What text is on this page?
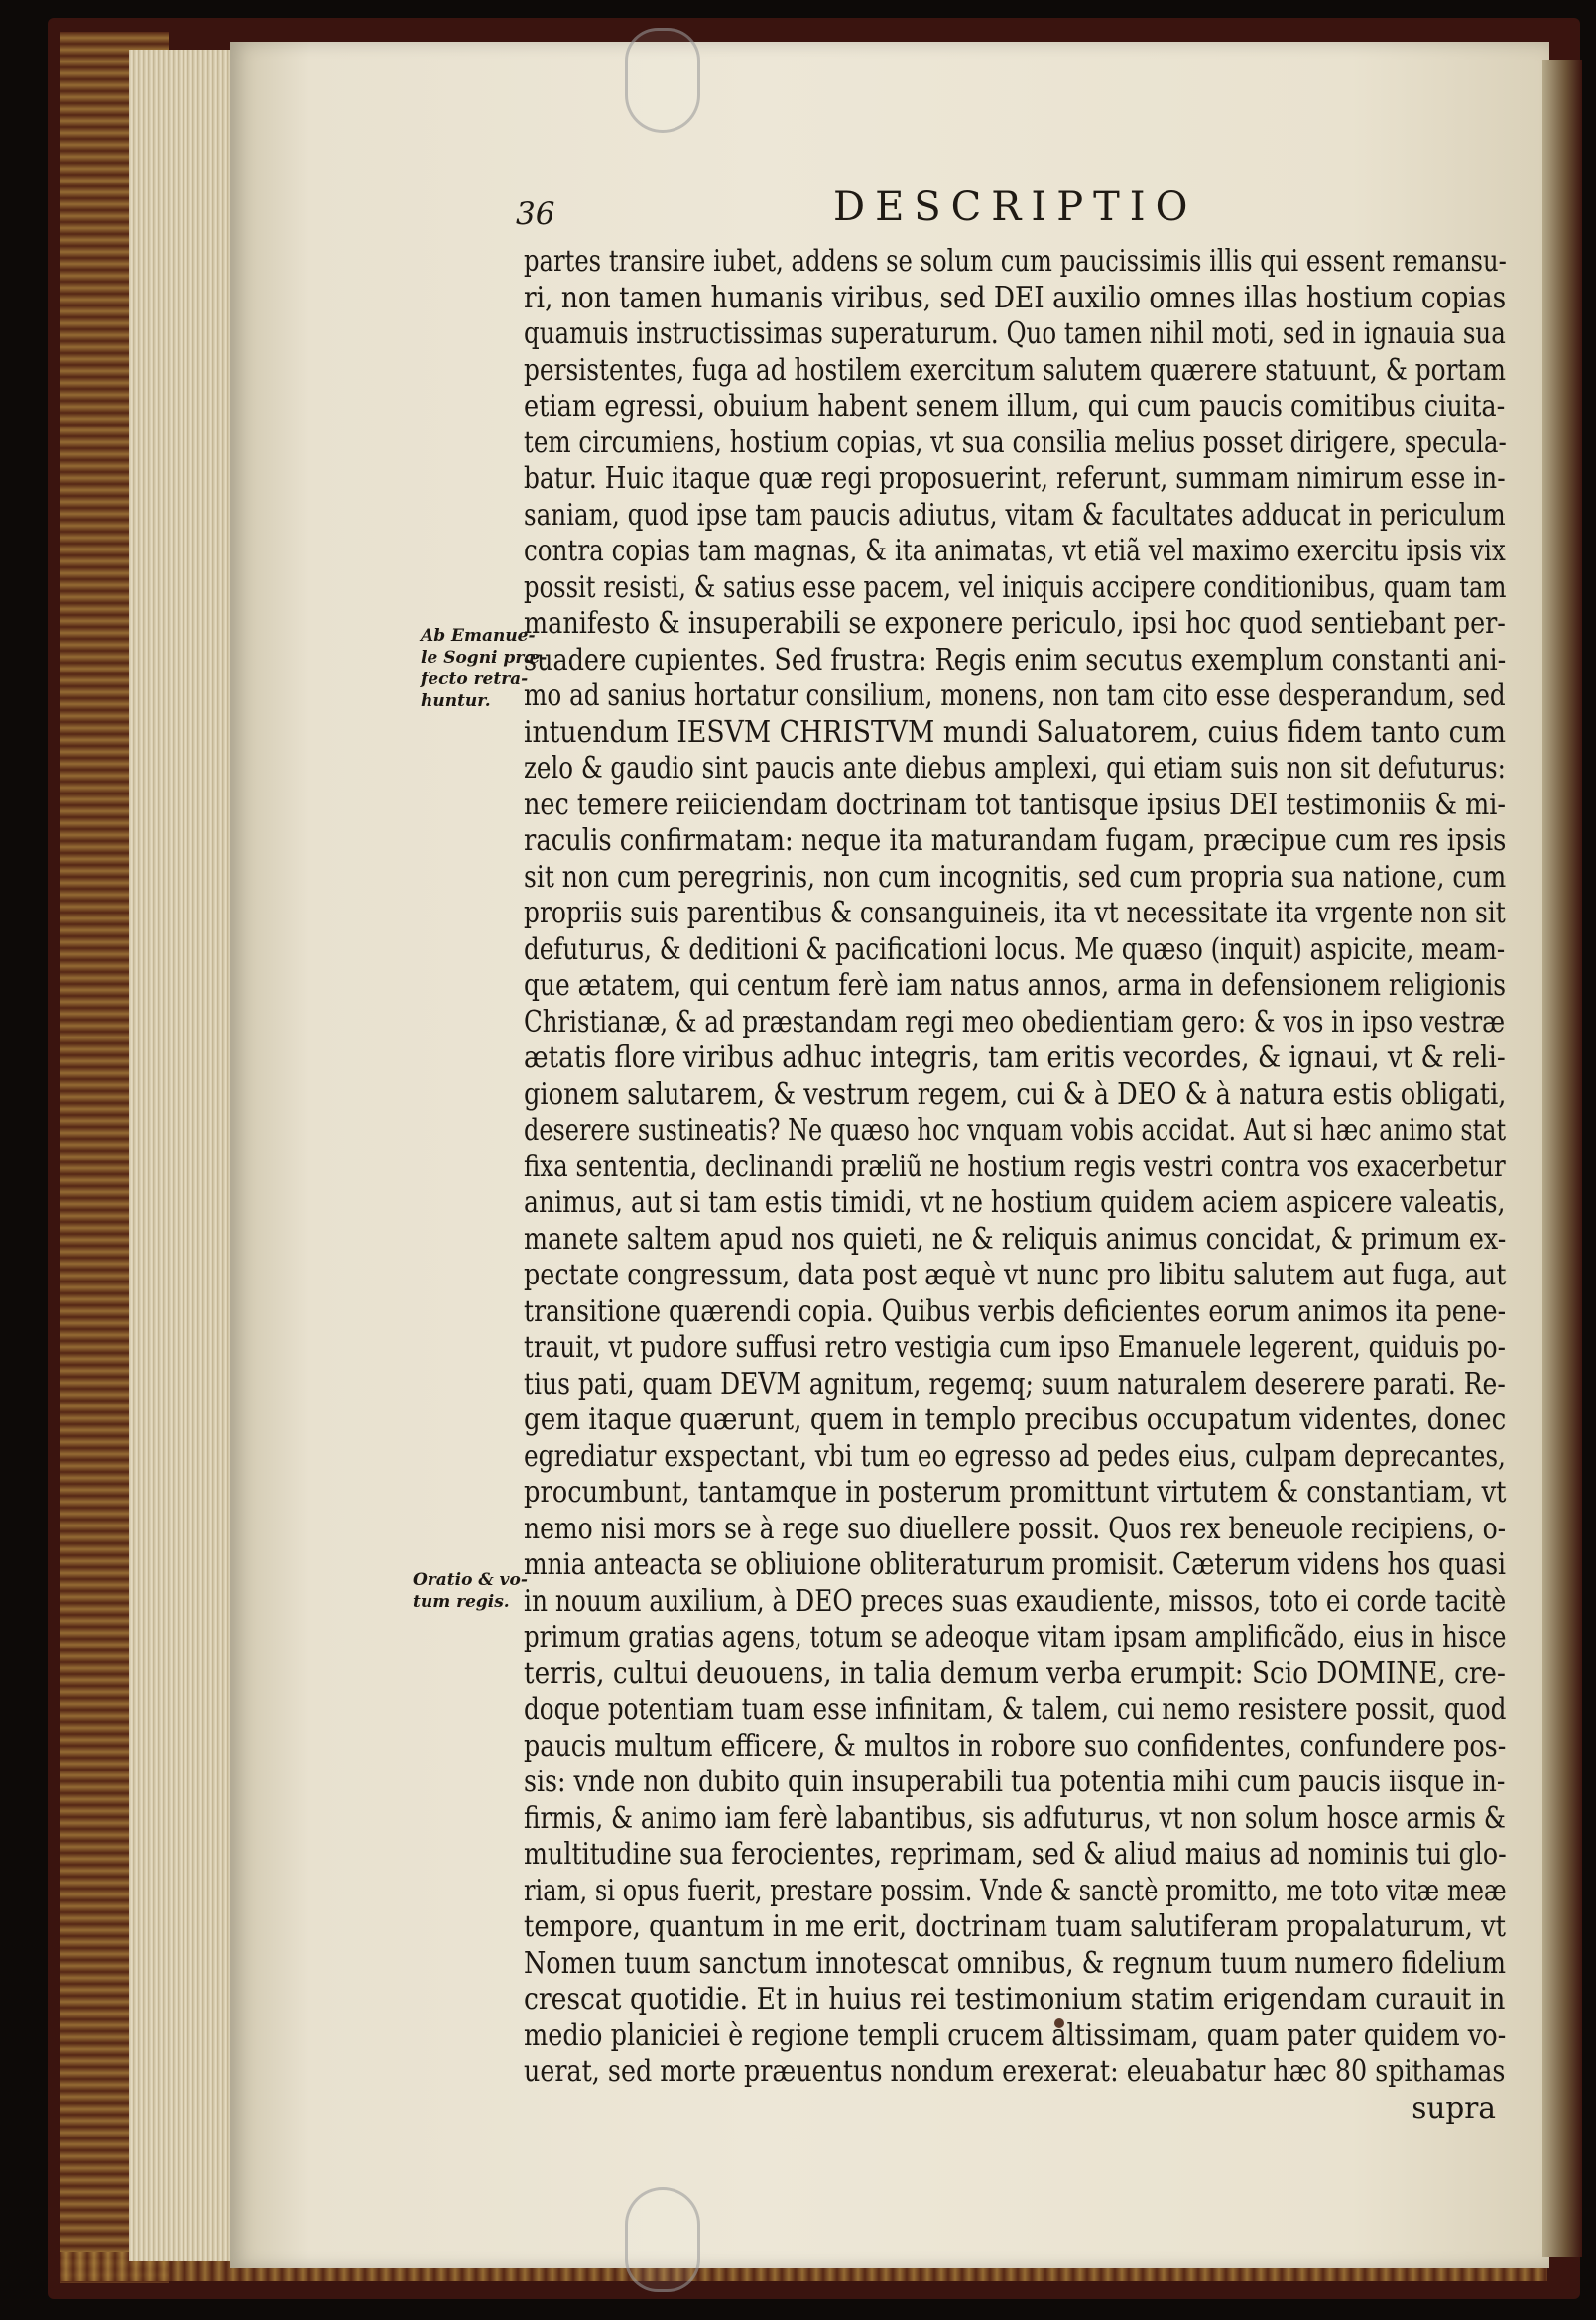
36	DESCRIPTIO
Ab Emanue-
le Sogni præ-
fecto retra-
huntur.
Oratio & vo-
tum regis.
partes transire iubet, addens se solum cum paucissimis illis qui essent remansu-
ri, non tamen humanis viribus, sed DEI auxilio omnes illas hostium copias
quamuis instructissimas superaturum. Quo tamen nihil moti, sed in ignauia sua
persistentes, fuga ad hostilem exercitum salutem quærere statuunt, & portam
etiam egressi, obuium habent senem illum, qui cum paucis comitibus ciuita-
tem circumiens, hostium copias, vt sua consilia melius posset dirigere, specula-
batur. Huic itaque quæ regi proposuerint, referunt, summam nimirum esse in-
saniam, quod ipse tam paucis adiutus, vitam & facultates adducat in periculum
contra copias tam magnas, & ita animatas, vt etiã vel maximo exercitu ipsis vix
possit resisti, & satius esse pacem, vel iniquis accipere conditionibus, quam tam
manifesto & insuperabili se exponere periculo, ipsi hoc quod sentiebant per-
suadere cupientes. Sed frustra: Regis enim secutus exemplum constanti ani-
mo ad sanius hortatur consilium, monens, non tam cito esse desperandum, sed
intuendum IESVM CHRISTVM mundi Saluatorem, cuius fidem tanto cum
zelo & gaudio sint paucis ante diebus amplexi, qui etiam suis non sit defuturus:
nec temere reiiciendam doctrinam tot tantisque ipsius DEI testimoniis & mi-
raculis confirmatam: neque ita maturandam fugam, præcipue cum res ipsis
sit non cum peregrinis, non cum incognitis, sed cum propria sua natione, cum
propriis suis parentibus & consanguineis, ita vt necessitate ita vrgente non sit
defuturus, & deditioni & pacificationi locus. Me quæso (inquit) aspicite, meam-
que ætatem, qui centum ferè iam natus annos, arma in defensionem religionis
Christianæ, & ad præstandam regi meo obedientiam gero: & vos in ipso vestræ
ætatis flore viribus adhuc integris, tam eritis vecordes, & ignaui, vt & reli-
gionem salutarem, & vestrum regem, cui & à DEO & à natura estis obligati,
deserere sustineatis? Ne quæso hoc vnquam vobis accidat. Aut si hæc animo stat
fixa sententia, declinandi præliũ ne hostium regis vestri contra vos exacerbetur
animus, aut si tam estis timidi, vt ne hostium quidem aciem aspicere valeatis,
manete saltem apud nos quieti, ne & reliquis animus concidat, & primum ex-
pectate congressum, data post æquè vt nunc pro libitu salutem aut fuga, aut
transitione quærendi copia. Quibus verbis deficientes eorum animos ita pene-
trauit, vt pudore suffusi retro vestigia cum ipso Emanuele legerent, quiduis po-
tius pati, quam DEVM agnitum, regemq; suum naturalem deserere parati. Re-
gem itaque quærunt, quem in templo precibus occupatum videntes, donec
egrediatur exspectant, vbi tum eo egresso ad pedes eius, culpam deprecantes,
procumbunt, tantamque in posterum promittunt virtutem & constantiam, vt
nemo nisi mors se à rege suo diuellere possit. Quos rex beneuole recipiens, o-
mnia anteacta se obliuione obliteraturum promisit. Cæterum videns hos quasi
in nouum auxilium, à DEO preces suas exaudiente, missos, toto ei corde tacitè
primum gratias agens, totum se adeoque vitam ipsam amplificãdo, eius in hisce
terris, cultui deuouens, in talia demum verba erumpit: Scio DOMINE, cre-
doque potentiam tuam esse infinitam, & talem, cui nemo resistere possit, quod
paucis multum efficere, & multos in robore suo confidentes, confundere pos-
sis: vnde non dubito quin insuperabili tua potentia mihi cum paucis iisque in-
firmis, & animo iam ferè labantibus, sis adfuturus, vt non solum hosce armis &
multitudine sua ferocientes, reprimam, sed & aliud maius ad nominis tui glo-
riam, si opus fuerit, prestare possim. Vnde & sanctè promitto, me toto vitæ meæ
tempore, quantum in me erit, doctrinam tuam salutiferam propalaturum, vt
Nomen tuum sanctum innotescat omnibus, & regnum tuum numero fidelium
crescat quotidie. Et in huius rei testimonium statim erigendam curauit in
medio planiciei è regione templi crucem altissimam, quam pater quidem vo-
uerat, sed morte præuentus nondum erexerat: eleuabatur hæc 80 spithamas
supra
